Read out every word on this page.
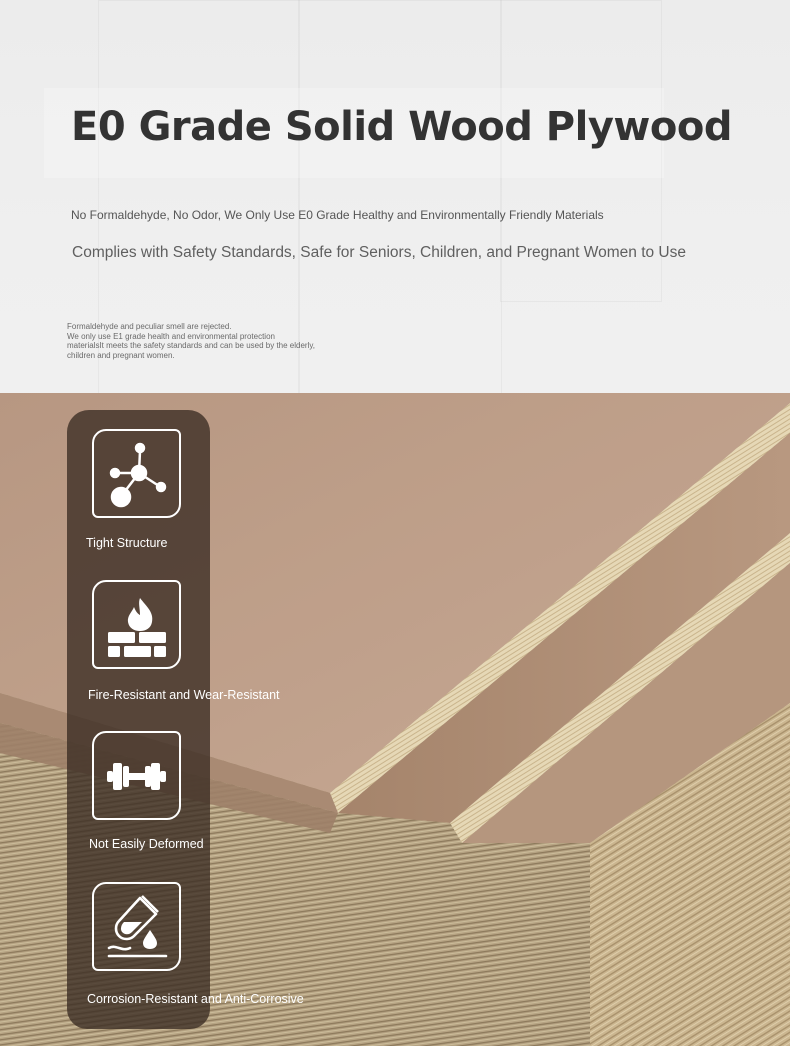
E0 Grade Solid Wood Plywood

No Formaldehyde, No Odor, We Only Use E0 Grade Healthy and Environmentally Friendly Materials

Complies with Safety Standards, Safe for Seniors, Children, and Pregnant Women to Use

Formaldehyde and peculiar smell are rejected.
We only use E1 grade health and environmental protection
materialsIt meets the safety standards and can be used by the elderly,
children and pregnant women.

Tight Structure
Fire-Resistant and Wear-Resistant
Not Easily Deformed
Corrosion-Resistant and Anti-Corrosive
